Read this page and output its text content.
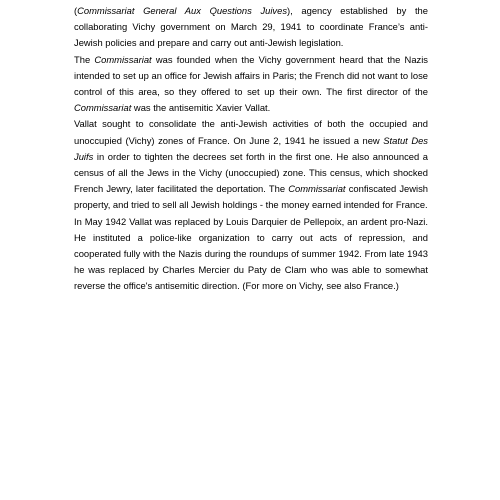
(Commissariat General Aux Questions Juives), agency established by the collaborating Vichy government on March 29, 1941 to coordinate France’s anti-Jewish policies and prepare and carry out anti-Jewish legislation.

The Commissariat was founded when the Vichy government heard that the Nazis intended to set up an office for Jewish affairs in Paris; the French did not want to lose control of this area, so they offered to set up their own. The first director of the Commissariat was the antisemitic Xavier Vallat.

Vallat sought to consolidate the anti-Jewish activities of both the occupied and unoccupied (Vichy) zones of France. On June 2, 1941 he issued a new Statut Des Juifs in order to tighten the decrees set forth in the first one. He also announced a census of all the Jews in the Vichy (unoccupied) zone. This census, which shocked French Jewry, later facilitated the deportation. The Commissariat confiscated Jewish property, and tried to sell all Jewish holdings - the money earned intended for France.

In May 1942 Vallat was replaced by Louis Darquier de Pellepoix, an ardent pro-Nazi. He instituted a police-like organization to carry out acts of repression, and cooperated fully with the Nazis during the roundups of summer 1942. From late 1943 he was replaced by Charles Mercier du Paty de Clam who was able to somewhat reverse the office's antisemitic direction. (For more on Vichy, see also France.)
